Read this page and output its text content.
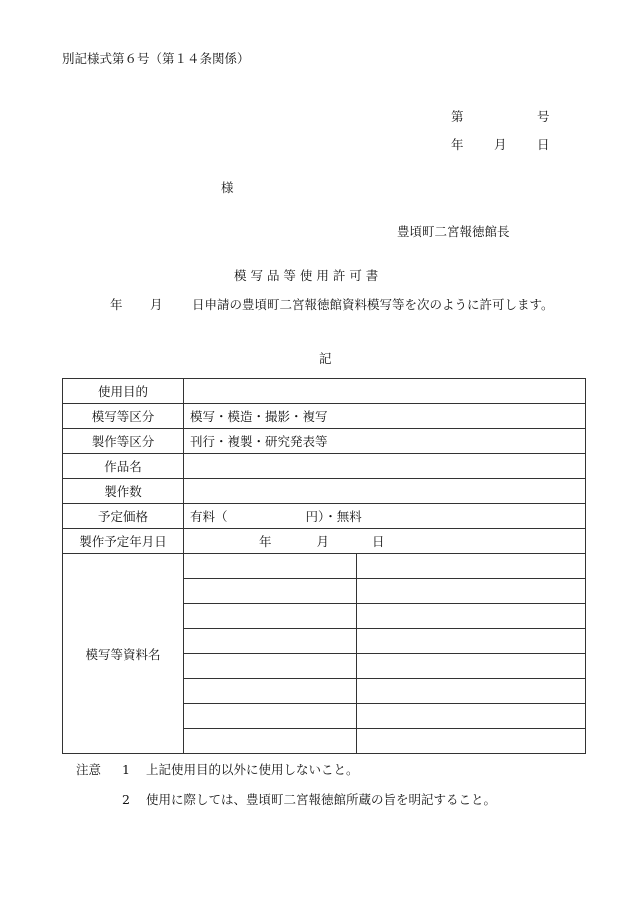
別記様式第６号（第１４条関係）
第	号
年 月 日
様
豊頃町二宮報徳館長
模 写 品 等 使 用 許 可 書
年 月 日申請の豊頃町二宮報徳館資料模写等を次のように許可します。
記
使用目的		
模写等区分	模写・模造・撮影・複写	
製作等区分	刊行・複製・研究発表等	
作品名		
製作数		
予定価格	有料（ 円）・無料	
製作予定年月日	年 月 日	
模写等資料名		

注意 1 上記使用目的以外に使用しないこと。
2 使用に際しては、豊頃町二宮報徳館所蔵の旨を明記すること。
